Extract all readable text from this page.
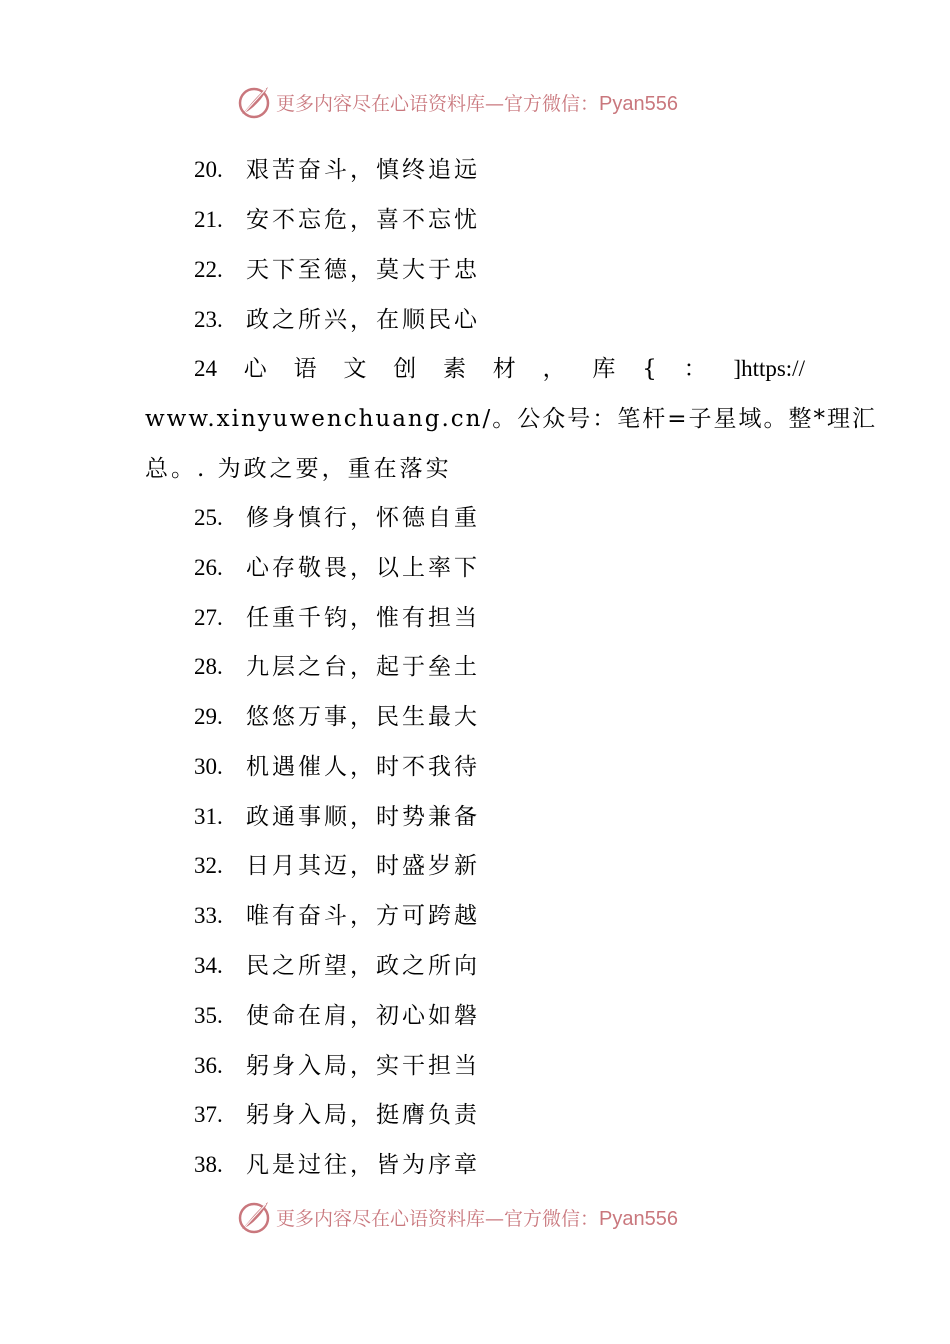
更多内容尽在心语资料库—官方微信：Pyan556
20. 艰苦奋斗，慎终追远
21. 安不忘危，喜不忘忧
22. 天下至德，莫大于忠
23. 政之所兴，在顺民心
24 心 语 文 创 素 材 ， 库 { ： ]https://
www.xinyuwenchuang.cn/。公众号：笔杆=子星域。整*理汇
总。. 为政之要，重在落实
25. 修身慎行，怀德自重
26. 心存敬畏，以上率下
27. 任重千钧，惟有担当
28. 九层之台，起于垒土
29. 悠悠万事，民生最大
30. 机遇催人，时不我待
31. 政通事顺，时势兼备
32. 日月其迈，时盛岁新
33. 唯有奋斗，方可跨越
34. 民之所望，政之所向
35. 使命在肩，初心如磐
36. 躬身入局，实干担当
37. 躬身入局，挺膺负责
38. 凡是过往，皆为序章
更多内容尽在心语资料库—官方微信：Pyan556
